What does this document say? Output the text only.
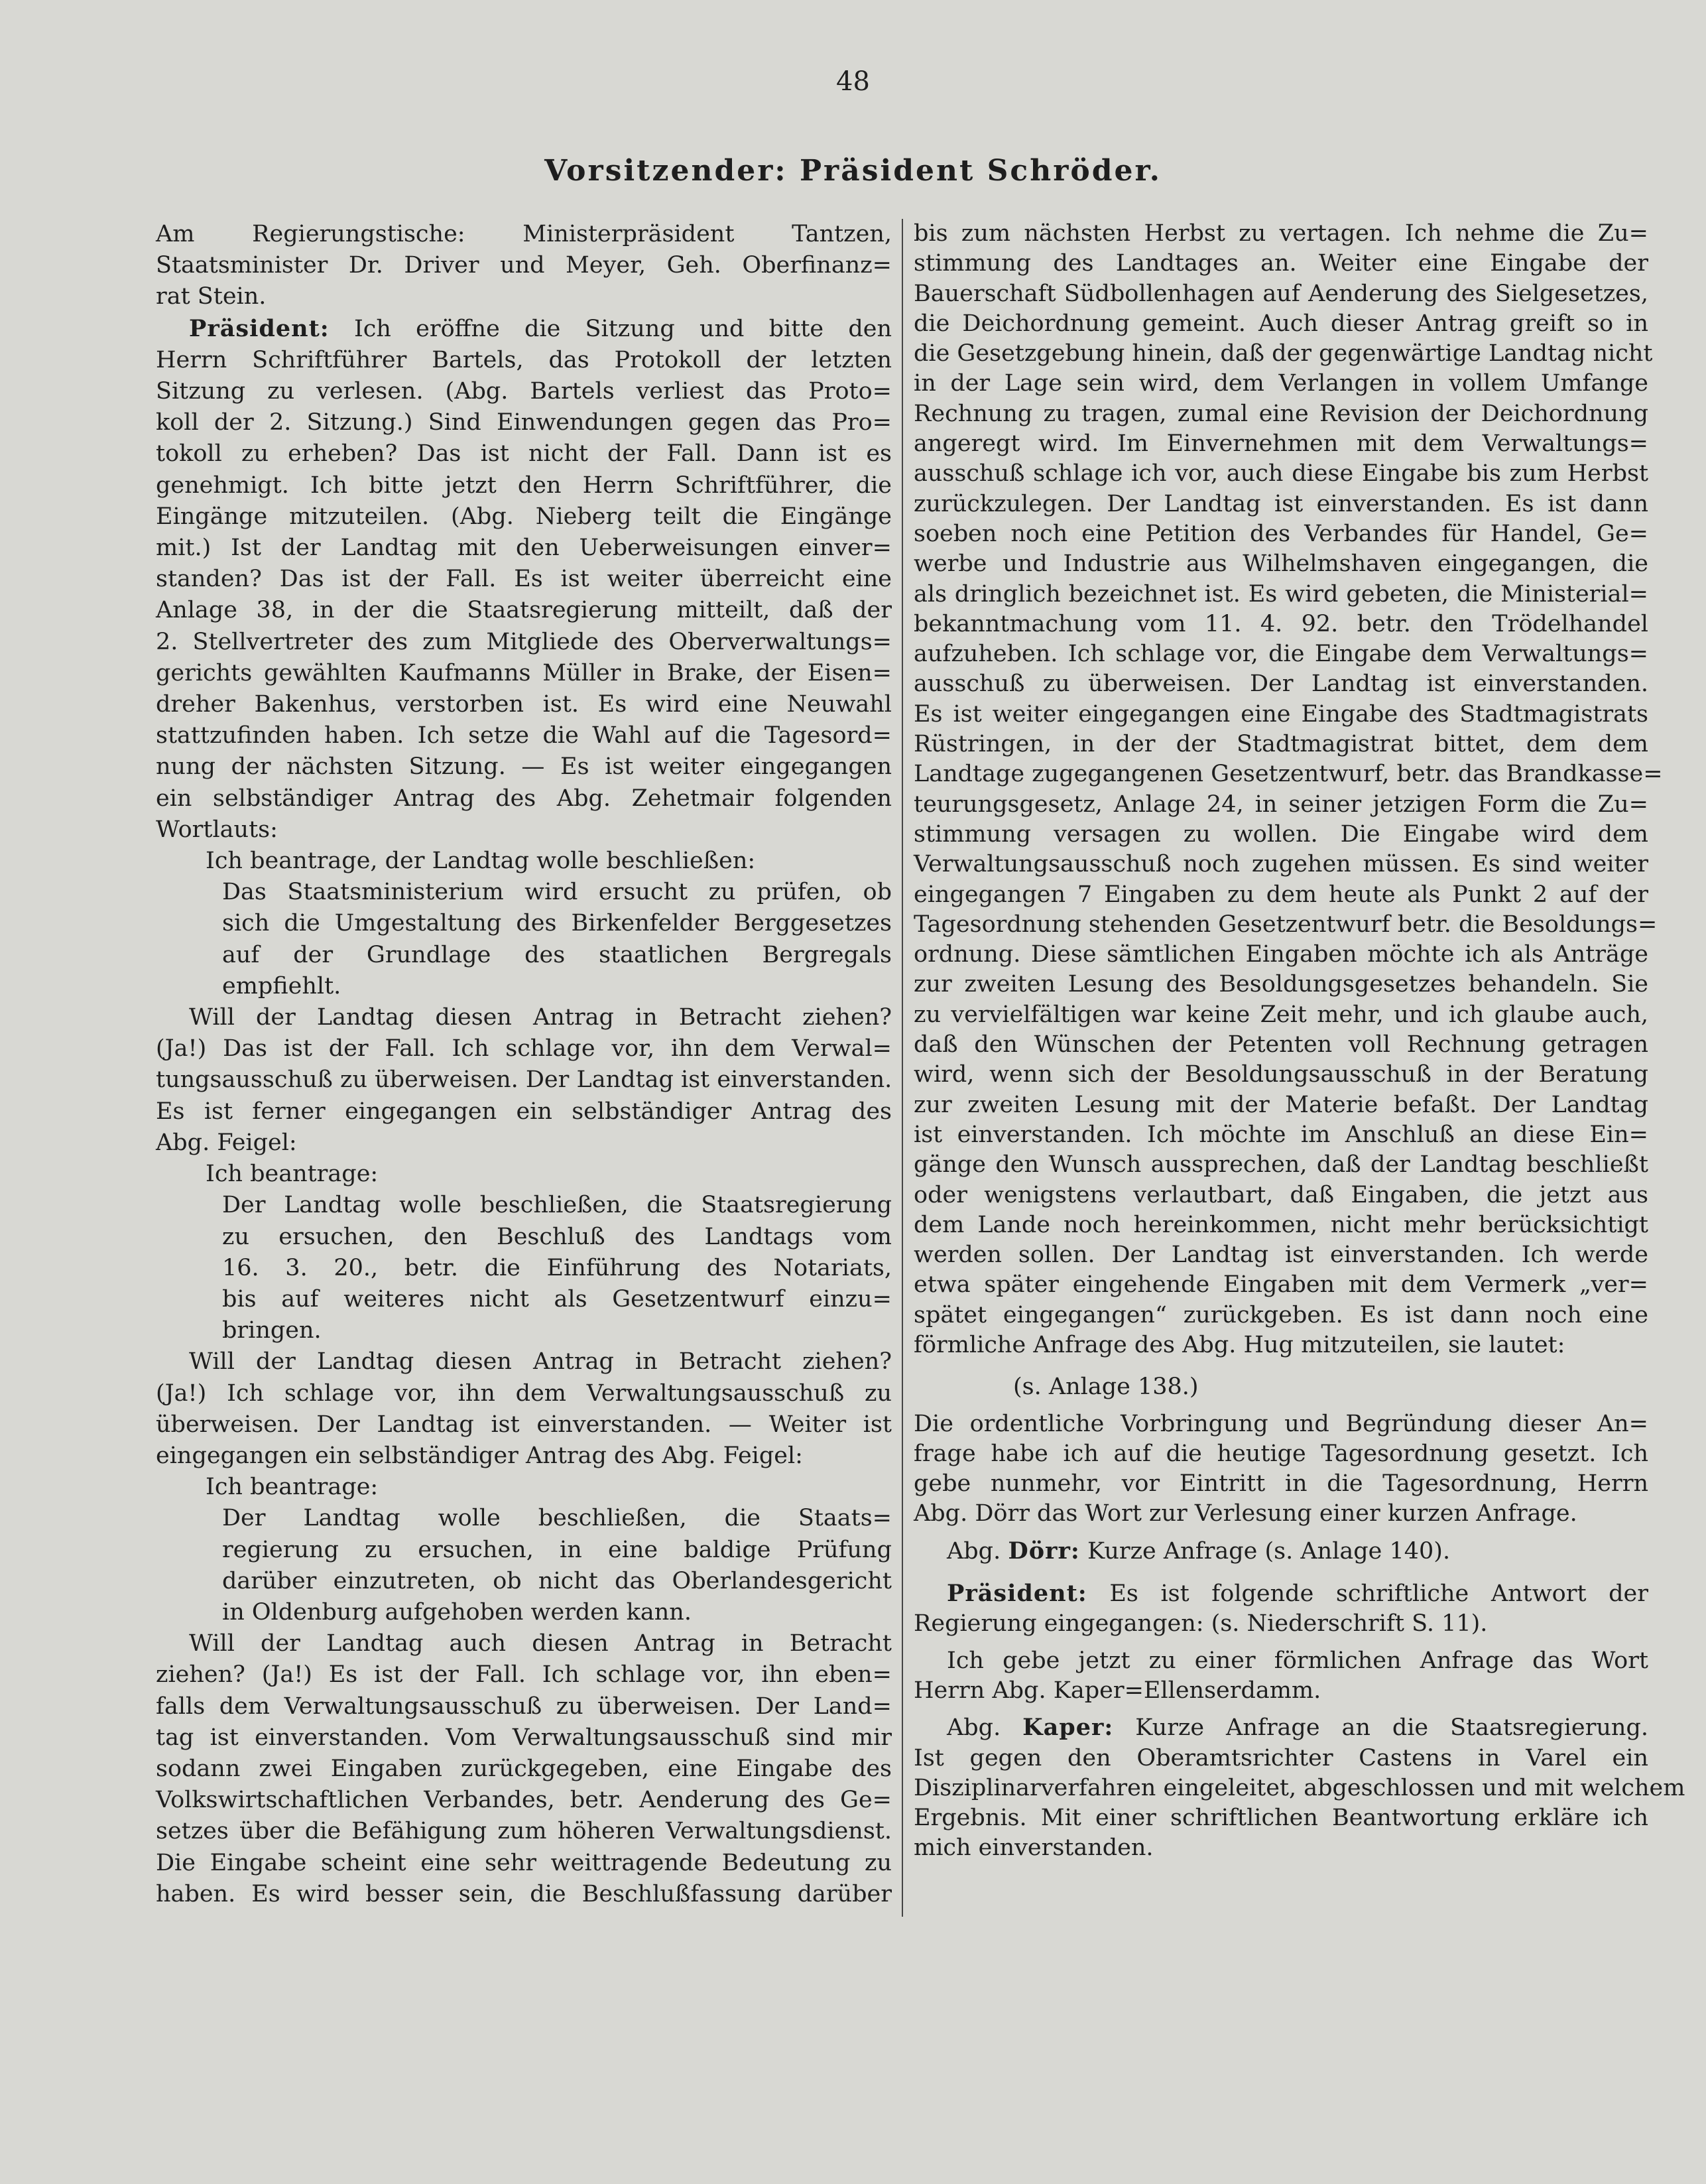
48
Vorsitzender: Präsident Schröder.
Am Regierungstische: Ministerpräsident Tantzen,
Staatsminister Dr. Driver und Meyer, Geh. Oberfinanz=
rat Stein.
Präsident: Ich eröffne die Sitzung und bitte den
Herrn Schriftführer Bartels, das Protokoll der letzten
Sitzung zu verlesen. (Abg. Bartels verliest das Proto=
koll der 2. Sitzung.) Sind Einwendungen gegen das Pro=
tokoll zu erheben? Das ist nicht der Fall. Dann ist es
genehmigt. Ich bitte jetzt den Herrn Schriftführer, die
Eingänge mitzuteilen. (Abg. Nieberg teilt die Eingänge
mit.) Ist der Landtag mit den Ueberweisungen einver=
standen? Das ist der Fall. Es ist weiter überreicht eine
Anlage 38, in der die Staatsregierung mitteilt, daß der
2. Stellvertreter des zum Mitgliede des Oberverwaltungs=
gerichts gewählten Kaufmanns Müller in Brake, der Eisen=
dreher Bakenhus, verstorben ist. Es wird eine Neuwahl
stattzufinden haben. Ich setze die Wahl auf die Tagesord=
nung der nächsten Sitzung. — Es ist weiter eingegangen
ein selbständiger Antrag des Abg. Zehetmair folgenden
Wortlauts:
Ich beantrage, der Landtag wolle beschließen:
Das Staatsministerium wird ersucht zu prüfen, ob
sich die Umgestaltung des Birkenfelder Berggesetzes
auf der Grundlage des staatlichen Bergregals
empfiehlt.
Will der Landtag diesen Antrag in Betracht ziehen?
(Ja!) Das ist der Fall. Ich schlage vor, ihn dem Verwal=
tungsausschuß zu überweisen. Der Landtag ist einverstanden.
Es ist ferner eingegangen ein selbständiger Antrag des
Abg. Feigel:
Ich beantrage:
Der Landtag wolle beschließen, die Staatsregierung
zu ersuchen, den Beschluß des Landtags vom
16. 3. 20., betr. die Einführung des Notariats,
bis auf weiteres nicht als Gesetzentwurf einzu=
bringen.
Will der Landtag diesen Antrag in Betracht ziehen?
(Ja!) Ich schlage vor, ihn dem Verwaltungsausschuß zu
überweisen. Der Landtag ist einverstanden. — Weiter ist
eingegangen ein selbständiger Antrag des Abg. Feigel:
Ich beantrage:
Der Landtag wolle beschließen, die Staats=
regierung zu ersuchen, in eine baldige Prüfung
darüber einzutreten, ob nicht das Oberlandesgericht
in Oldenburg aufgehoben werden kann.
Will der Landtag auch diesen Antrag in Betracht
ziehen? (Ja!) Es ist der Fall. Ich schlage vor, ihn eben=
falls dem Verwaltungsausschuß zu überweisen. Der Land=
tag ist einverstanden. Vom Verwaltungsausschuß sind mir
sodann zwei Eingaben zurückgegeben, eine Eingabe des
Volkswirtschaftlichen Verbandes, betr. Aenderung des Ge=
setzes über die Befähigung zum höheren Verwaltungsdienst.
Die Eingabe scheint eine sehr weittragende Bedeutung zu
haben. Es wird besser sein, die Beschlußfassung darüber
bis zum nächsten Herbst zu vertagen. Ich nehme die Zu=
stimmung des Landtages an. Weiter eine Eingabe der
Bauerschaft Südbollenhagen auf Aenderung des Sielgesetzes,
die Deichordnung gemeint. Auch dieser Antrag greift so in
die Gesetzgebung hinein, daß der gegenwärtige Landtag nicht
in der Lage sein wird, dem Verlangen in vollem Umfange
Rechnung zu tragen, zumal eine Revision der Deichordnung
angeregt wird. Im Einvernehmen mit dem Verwaltungs=
ausschuß schlage ich vor, auch diese Eingabe bis zum Herbst
zurückzulegen. Der Landtag ist einverstanden. Es ist dann
soeben noch eine Petition des Verbandes für Handel, Ge=
werbe und Industrie aus Wilhelmshaven eingegangen, die
als dringlich bezeichnet ist. Es wird gebeten, die Ministerial=
bekanntmachung vom 11. 4. 92. betr. den Trödelhandel
aufzuheben. Ich schlage vor, die Eingabe dem Verwaltungs=
ausschuß zu überweisen. Der Landtag ist einverstanden.
Es ist weiter eingegangen eine Eingabe des Stadtmagistrats
Rüstringen, in der der Stadtmagistrat bittet, dem dem
Landtage zugegangenen Gesetzentwurf, betr. das Brandkasse=
teurungsgesetz, Anlage 24, in seiner jetzigen Form die Zu=
stimmung versagen zu wollen. Die Eingabe wird dem
Verwaltungsausschuß noch zugehen müssen. Es sind weiter
eingegangen 7 Eingaben zu dem heute als Punkt 2 auf der
Tagesordnung stehenden Gesetzentwurf betr. die Besoldungs=
ordnung. Diese sämtlichen Eingaben möchte ich als Anträge
zur zweiten Lesung des Besoldungsgesetzes behandeln. Sie
zu vervielfältigen war keine Zeit mehr, und ich glaube auch,
daß den Wünschen der Petenten voll Rechnung getragen
wird, wenn sich der Besoldungsausschuß in der Beratung
zur zweiten Lesung mit der Materie befaßt. Der Landtag
ist einverstanden. Ich möchte im Anschluß an diese Ein=
gänge den Wunsch aussprechen, daß der Landtag beschließt
oder wenigstens verlautbart, daß Eingaben, die jetzt aus
dem Lande noch hereinkommen, nicht mehr berücksichtigt
werden sollen. Der Landtag ist einverstanden. Ich werde
etwa später eingehende Eingaben mit dem Vermerk „ver=
spätet eingegangen“ zurückgeben. Es ist dann noch eine
förmliche Anfrage des Abg. Hug mitzuteilen, sie lautet:
(s. Anlage 138.)
Die ordentliche Vorbringung und Begründung dieser An=
frage habe ich auf die heutige Tagesordnung gesetzt. Ich
gebe nunmehr, vor Eintritt in die Tagesordnung, Herrn
Abg. Dörr das Wort zur Verlesung einer kurzen Anfrage.
Abg. Dörr: Kurze Anfrage (s. Anlage 140).
Präsident: Es ist folgende schriftliche Antwort der
Regierung eingegangen: (s. Niederschrift S. 11).
Ich gebe jetzt zu einer förmlichen Anfrage das Wort
Herrn Abg. Kaper=Ellenserdamm.
Abg. Kaper: Kurze Anfrage an die Staatsregierung.
Ist gegen den Oberamtsrichter Castens in Varel ein
Disziplinarverfahren eingeleitet, abgeschlossen und mit welchem
Ergebnis. Mit einer schriftlichen Beantwortung erkläre ich
mich einverstanden.
